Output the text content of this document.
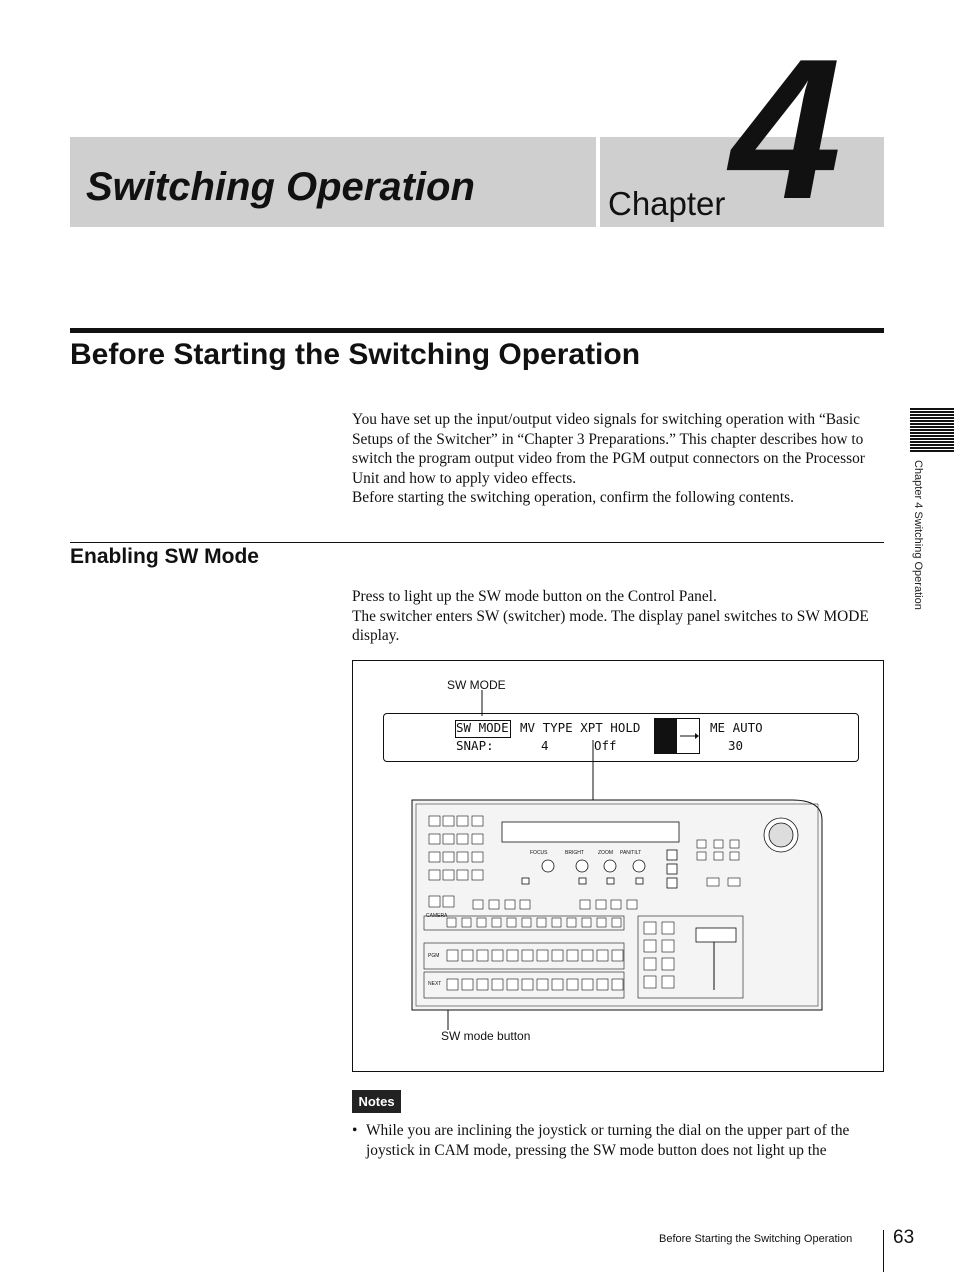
Switching Operation	Chapter 4
Before Starting the Switching Operation

You have set up the input/output video signals for switching operation with “Basic Setups of the Switcher” in “Chapter 3 Preparations.” This chapter describes how to switch the program output video from the PGM output connectors on the Processor Unit and how to apply video effects.

Before starting the switching operation, confirm the following contents.

Enabling SW Mode

Press to light up the SW mode button on the Control Panel.

The switcher enters SW (switcher) mode. The display panel switches to SW MODE display.

Chapter 4 Switching Operation
SW MODE
SW MODE MV TYPE XPT HOLD	ME AUTO
SNAP:	4	Off	30
FOCUS	BRIGHT	ZOOM PAN/TILT
CAMERA
PGM
NEXT
SW mode button
Notes
• While you are inclining the joystick or turning the dial on the upper part of the joystick in CAM mode, pressing the SW mode button does not light up the
Before Starting the Switching Operation 63
